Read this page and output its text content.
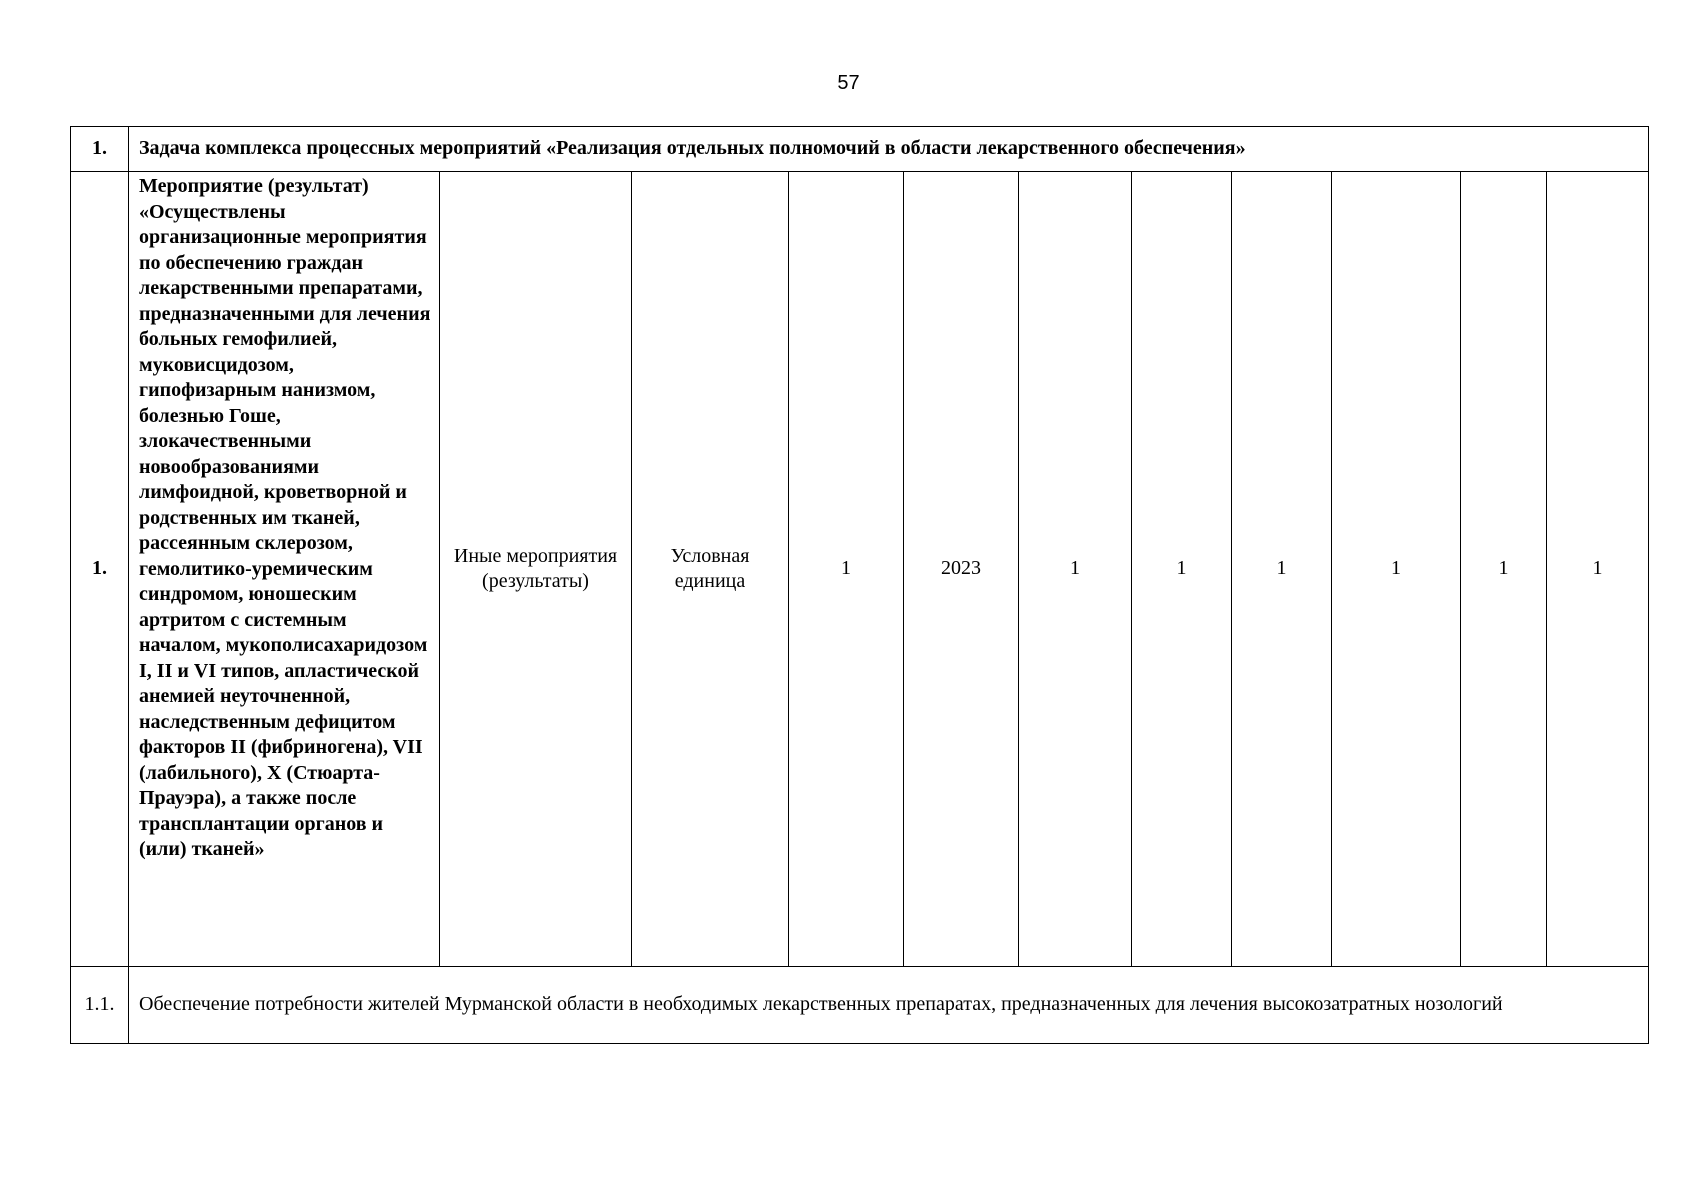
57
1.	Задача комплекса процессных мероприятий «Реализация отдельных полномочий в области лекарственного обеспечения»										
1.	Мероприятие (результат) «Осуществлены организационные мероприятия по обеспечению граждан лекарственными препаратами, предназначенными для лечения больных гемофилией, муковисцидозом, гипофизарным нанизмом, болезнью Гоше, злокачественными новообразованиями лимфоидной, кроветворной и родственных им тканей, рассеянным склерозом, гемолитико-уремическим синдромом, юношеским артритом с системным началом, мукополисахаридозом I, II и VI типов, апластической анемией неуточненной, наследственным дефицитом факторов II (фибриногена), VII (лабильного), X (Стюарта-Прауэра), а также после трансплантации органов и (или) тканей»	Иные мероприятия (результаты)	Условная единица	1	2023	1	1	1	1	1	1
1.1.	Обеспечение потребности жителей Мурманской области в необходимых лекарственных препаратах, предназначенных для лечения высокозатратных нозологий										
